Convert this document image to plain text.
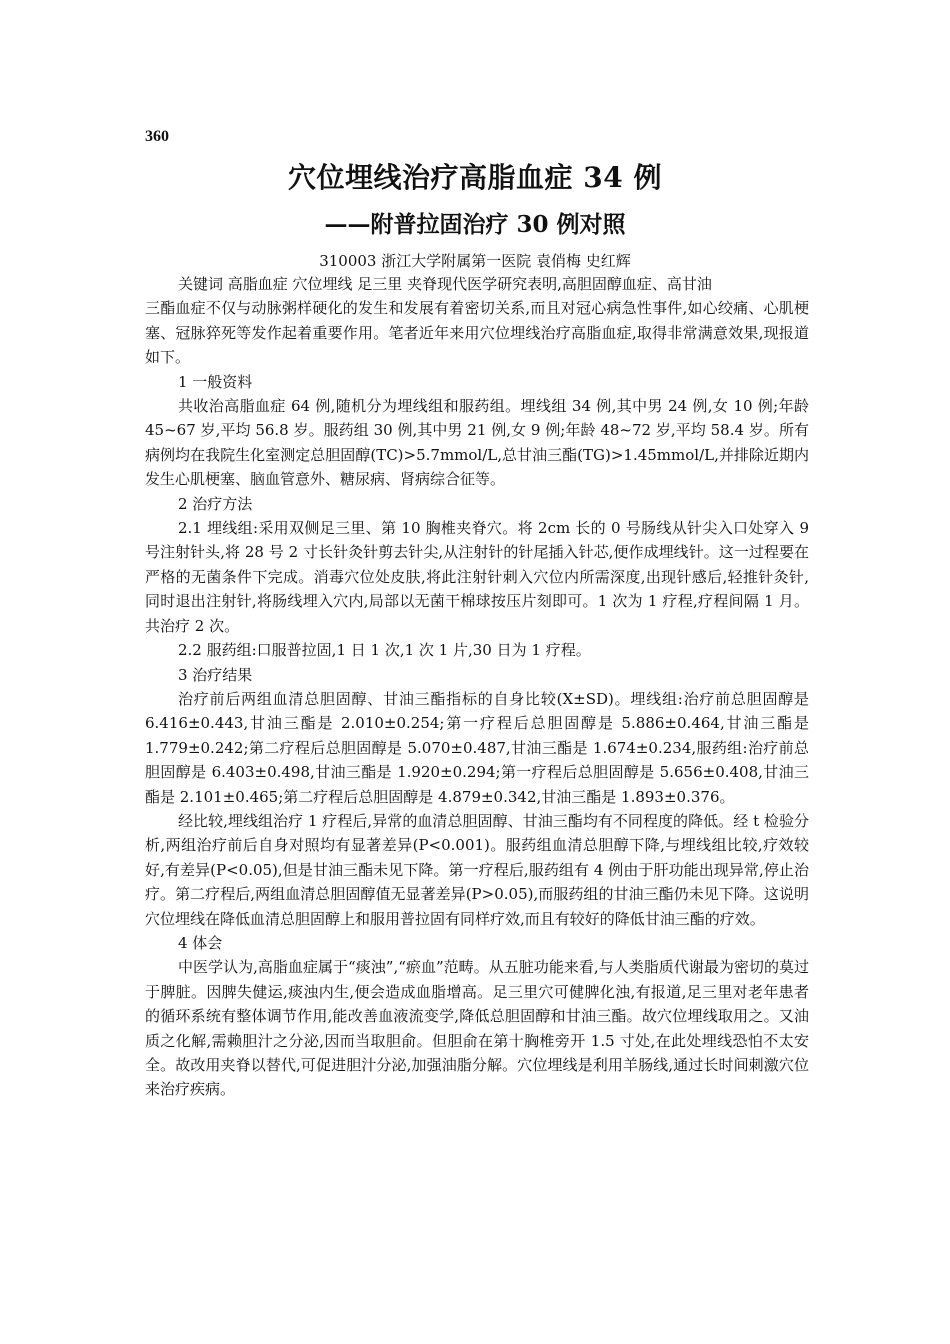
360
穴位埋线治疗高脂血症 34 例
——附普拉固治疗 30 例对照
310003 浙江大学附属第一医院 袁俏梅 史红辉

关键词 高脂血症 穴位埋线 足三里 夹脊现代医学研究表明,高胆固醇血症、高甘油

三酯血症不仅与动脉粥样硬化的发生和发展有着密切关系,而且对冠心病急性事件,如心绞痛、心肌梗塞、冠脉猝死等发作起着重要作用。笔者近年来用穴位埋线治疗高脂血症,取得非常满意效果,现报道如下。

1 一般资料

共收治高脂血症 64 例,随机分为埋线组和服药组。埋线组 34 例,其中男 24 例,女 10 例;年龄 45~67 岁,平均 56.8 岁。服药组 30 例,其中男 21 例,女 9 例;年龄 48~72 岁,平均 58.4 岁。所有病例均在我院生化室测定总胆固醇(TC)>5.7mmol/L,总甘油三酯(TG)>1.45mmol/L,并排除近期内发生心肌梗塞、脑血管意外、糖尿病、肾病综合征等。

2 治疗方法

2.1 埋线组:采用双侧足三里、第 10 胸椎夹脊穴。将 2cm 长的 0 号肠线从针尖入口处穿入 9 号注射针头,将 28 号 2 寸长针灸针剪去针尖,从注射针的针尾插入针芯,便作成埋线针。这一过程要在严格的无菌条件下完成。消毒穴位处皮肤,将此注射针刺入穴位内所需深度,出现针感后,轻推针灸针,同时退出注射针,将肠线埋入穴内,局部以无菌干棉球按压片刻即可。1 次为 1 疗程,疗程间隔 1 月。共治疗 2 次。

2.2 服药组:口服普拉固,1 日 1 次,1 次 1 片,30 日为 1 疗程。

3 治疗结果

治疗前后两组血清总胆固醇、甘油三酯指标的自身比较(X±SD)。埋线组:治疗前总胆固醇是 6.416±0.443,甘油三酯是 2.010±0.254;第一疗程后总胆固醇是 5.886±0.464,甘油三酯是 1.779±0.242;第二疗程后总胆固醇是 5.070±0.487,甘油三酯是 1.674±0.234,服药组:治疗前总胆固醇是 6.403±0.498,甘油三酯是 1.920±0.294;第一疗程后总胆固醇是 5.656±0.408,甘油三酯是 2.101±0.465;第二疗程后总胆固醇是 4.879±0.342,甘油三酯是 1.893±0.376。

经比较,埋线组治疗 1 疗程后,异常的血清总胆固醇、甘油三酯均有不同程度的降低。经 t 检验分析,两组治疗前后自身对照均有显著差异(P<0.001)。服药组血清总胆醇下降,与埋线组比较,疗效较好,有差异(P<0.05),但是甘油三酯未见下降。第一疗程后,服药组有 4 例由于肝功能出现异常,停止治疗。第二疗程后,两组血清总胆固醇值无显著差异(P>0.05),而服药组的甘油三酯仍未见下降。这说明穴位埋线在降低血清总胆固醇上和服用普拉固有同样疗效,而且有较好的降低甘油三酯的疗效。

4 体会

中医学认为,高脂血症属于“痰浊”,“瘀血”范畴。从五脏功能来看,与人类脂质代谢最为密切的莫过于脾脏。因脾失健运,痰浊内生,便会造成血脂增高。足三里穴可健脾化浊,有报道,足三里对老年患者的循环系统有整体调节作用,能改善血液流变学,降低总胆固醇和甘油三酯。故穴位埋线取用之。又油质之化解,需赖胆汁之分泌,因而当取胆俞。但胆俞在第十胸椎旁开 1.5 寸处,在此处埋线恐怕不太安全。故改用夹脊以替代,可促进胆汁分泌,加强油脂分解。穴位埋线是利用羊肠线,通过长时间刺激穴位来治疗疾病。
